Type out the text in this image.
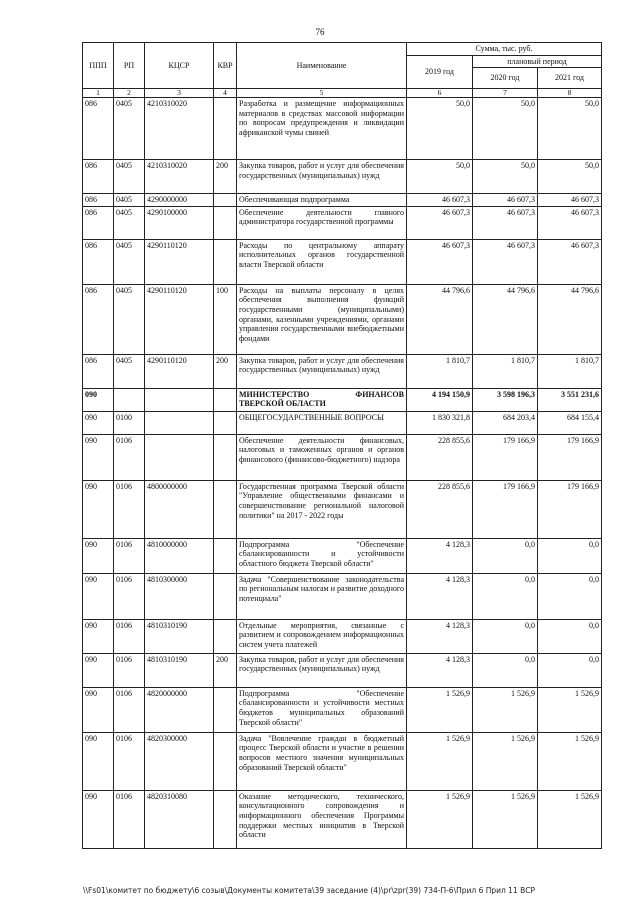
76
ППП	РП	КЦСР	КВР	Наименование	Сумма, тыс. руб.		
					2019 год	плановый период	
						2020 год	2021 год
1	2	3	4	5	6	7	8
086	0405	4210310020		Разработка и размещение информационных материалов в средствах массовой информации по вопросам предупреждения и ликвидации африканской чумы свиней	50,0	50,0	50,0
086	0405	4210310020	200	Закупка товаров, работ и услуг для обеспечения государственных (муниципальных) нужд	50,0	50,0	50,0
086	0405	4290000000		Обеспечивающая подпрограмма	46 607,3	46 607,3	46 607,3
086	0405	4290100000		Обеспечение деятельности главного администратора государственной программы	46 607,3	46 607,3	46 607,3
086	0405	4290110120		Расходы по центральному аппарату исполнительных органов государственной власти Тверской области	46 607,3	46 607,3	46 607,3
086	0405	4290110120	100	Расходы на выплаты персоналу в целях обеспечения выполнения функций государственными (муниципальными) органами, казенными учреждениями, органами управления государственными внебюджетными фондами	44 796,6	44 796,6	44 796,6
086	0405	4290110120	200	Закупка товаров, работ и услуг для обеспечения государственных (муниципальных) нужд	1 810,7	1 810,7	1 810,7
090				МИНИСТЕРСТВО ФИНАНСОВ ТВЕРСКОЙ ОБЛАСТИ	4 194 150,9	3 598 196,3	3 551 231,6
090	0100			ОБЩЕГОСУДАРСТВЕННЫЕ ВОПРОСЫ	1 830 321,8	684 203,4	684 155,4
090	0106			Обеспечение деятельности финансовых, налоговых и таможенных органов и органов финансового (финансово-бюджетного) надзора	228 855,6	179 166,9	179 166,9
090	0106	4800000000		Государственная программа Тверской области "Управление общественными финансами и совершенствование региональной налоговой политики" на 2017 - 2022 годы	228 855,6	179 166,9	179 166,9
090	0106	4810000000		Подпрограмма "Обеспечение сбалансированности и устойчивости областного бюджета Тверской области"	4 128,3	0,0	0,0
090	0106	4810300000		Задача "Совершенствование законодательства по региональным налогам и развитие доходного потенциала"	4 128,3	0,0	0,0
090	0106	4810310190		Отдельные мероприятия, связанные с развитием и сопровождением информационных систем учета платежей	4 128,3	0,0	0,0
090	0106	4810310190	200	Закупка товаров, работ и услуг для обеспечения государственных (муниципальных) нужд	4 128,3	0,0	0,0
090	0106	4820000000		Подпрограмма "Обеспечение сбалансированности и устойчивости местных бюджетов муниципальных образований Тверской области"	1 526,9	1 526,9	1 526,9
090	0106	4820300000		Задача "Вовлечение граждан в бюджетный процесс Тверской области и участие в решении вопросов местного значения муниципальных образований Тверской области"	1 526,9	1 526,9	1 526,9
090	0106	4820310080		Оказание методического, технического, консультационного сопровождения и информационного обеспечения Программы поддержки местных инициатив в Тверской области	1 526,9	1 526,9	1 526,9
\\Fs01\комитет по бюджету\6 созыв\Документы комитета\39 заседание (4)\pr\zpr(39) 734-П-6\Прил 6 Прил 11 ВСР
